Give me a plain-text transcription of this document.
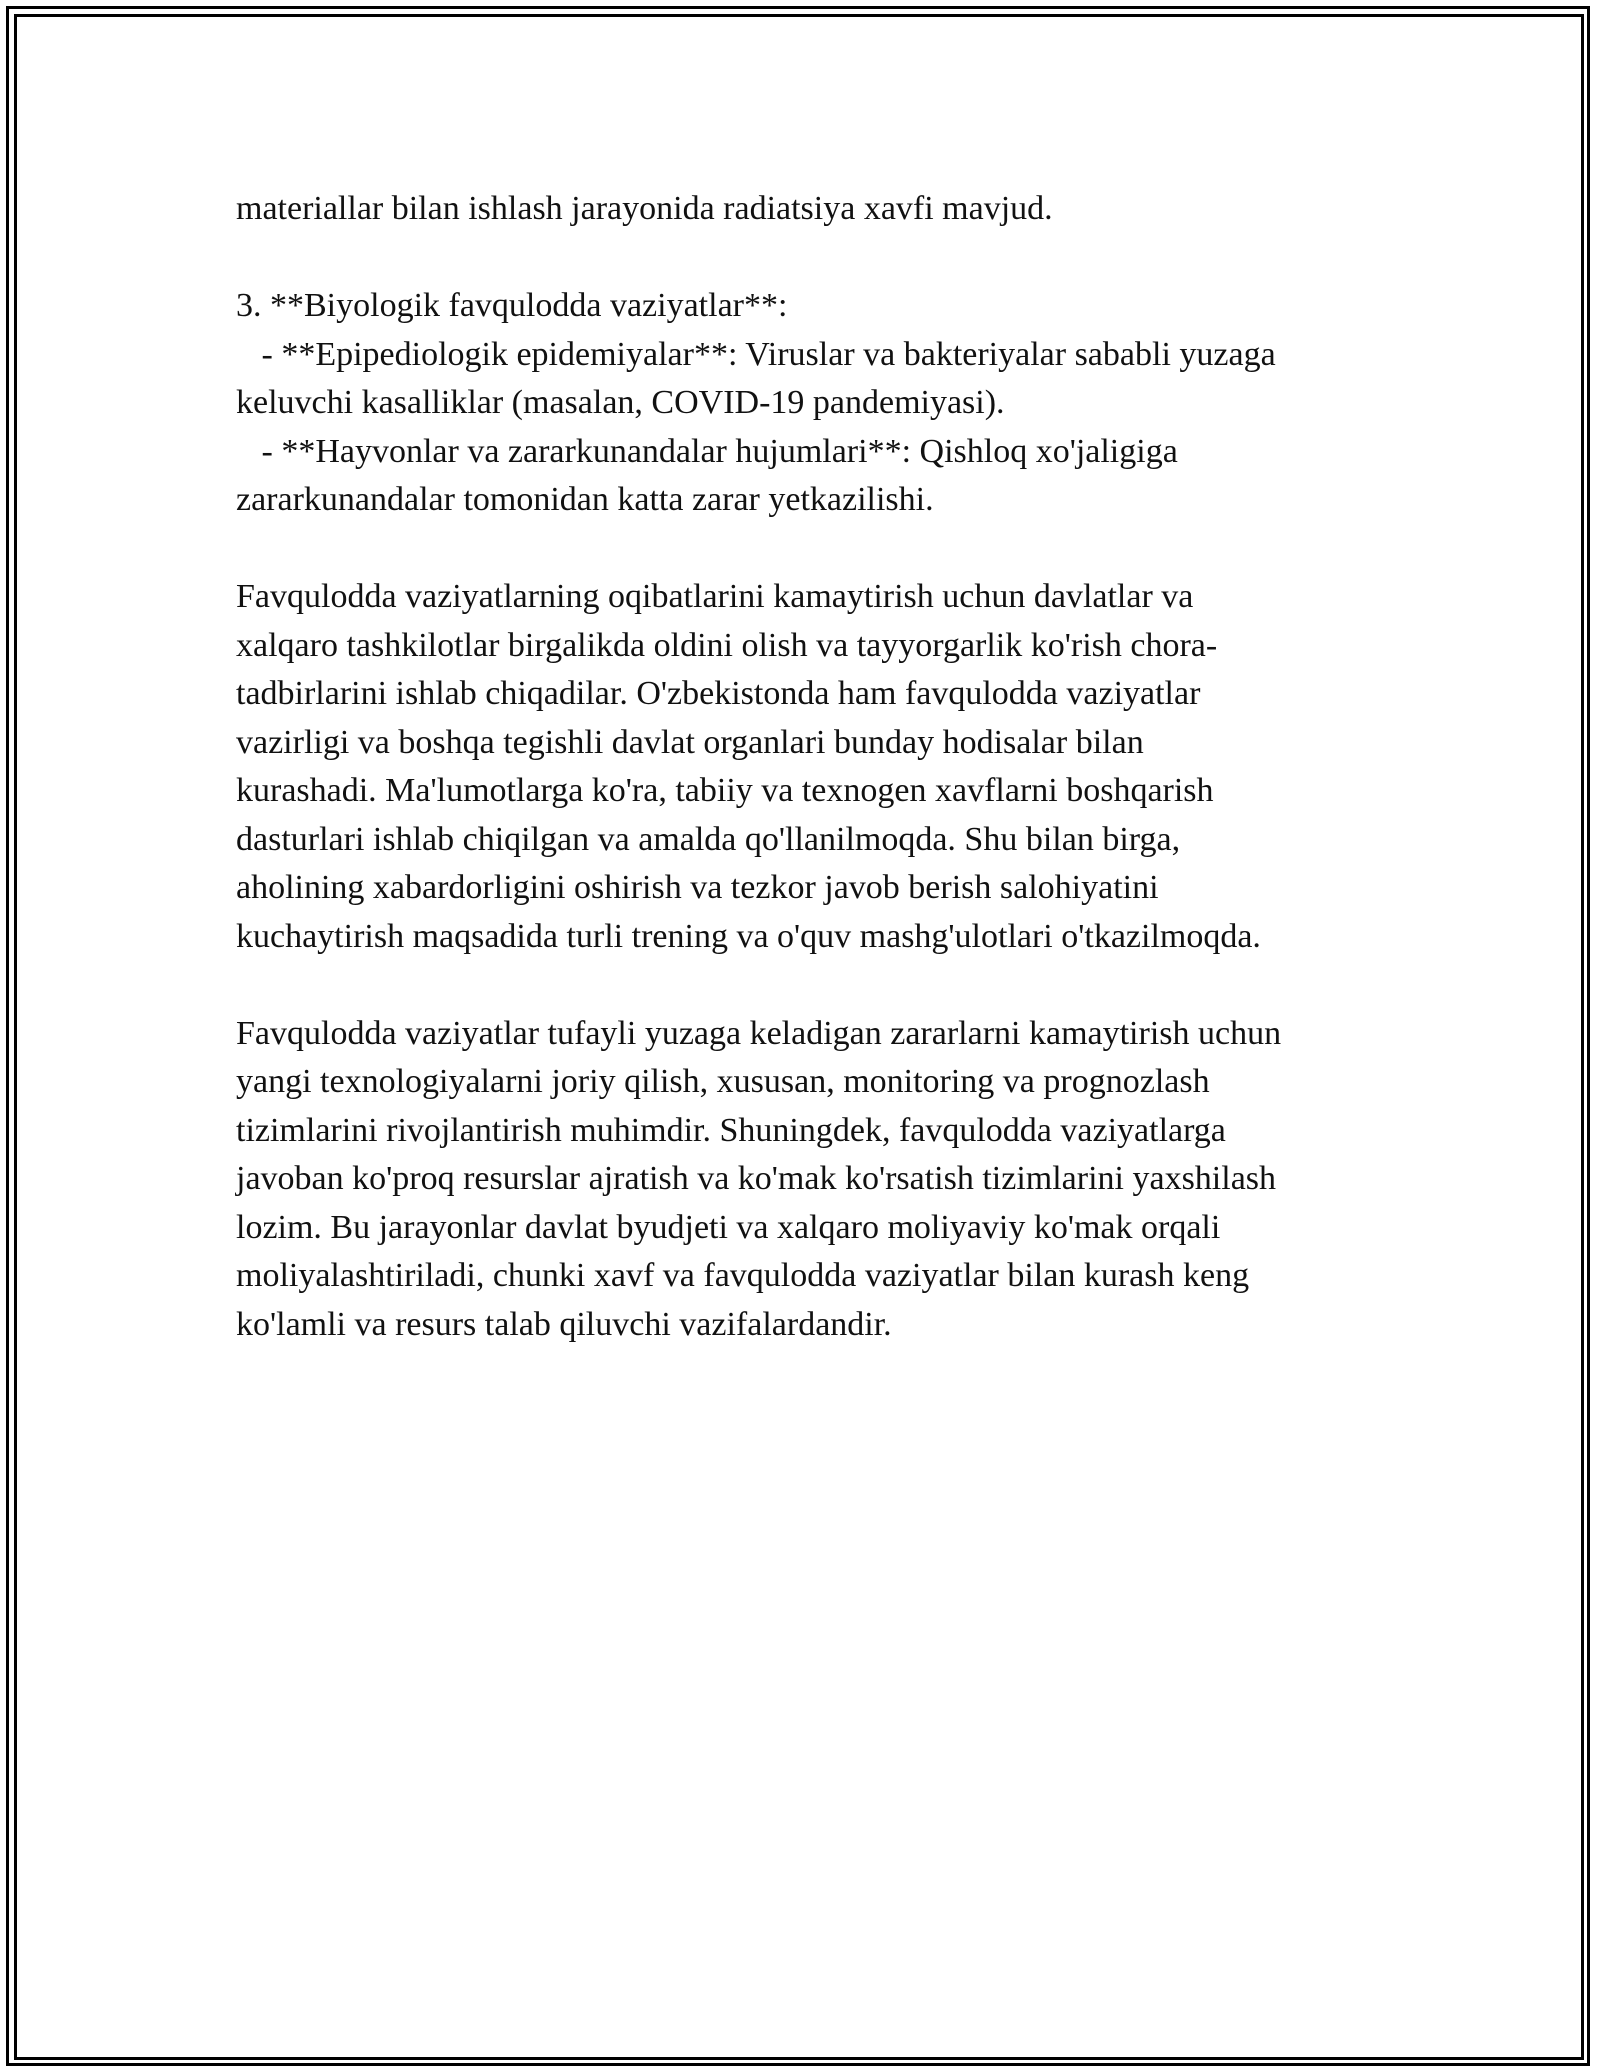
materiallar bilan ishlash jarayonida radiatsiya xavfi mavjud.

3. **Biyologik favqulodda vaziyatlar**:

- **Epipediologik epidemiyalar**: Viruslar va bakteriyalar sababli yuzaga

keluvchi kasalliklar (masalan, COVID-19 pandemiyasi).

- **Hayvonlar va zararkunandalar hujumlari**: Qishloq xo'jaligiga

zararkunandalar tomonidan katta zarar yetkazilishi.

Favqulodda vaziyatlarning oqibatlarini kamaytirish uchun davlatlar va

xalqaro tashkilotlar birgalikda oldini olish va tayyorgarlik ko'rish chora-

tadbirlarini ishlab chiqadilar. O'zbekistonda ham favqulodda vaziyatlar

vazirligi va boshqa tegishli davlat organlari bunday hodisalar bilan

kurashadi. Ma'lumotlarga ko'ra, tabiiy va texnogen xavflarni boshqarish

dasturlari ishlab chiqilgan va amalda qo'llanilmoqda. Shu bilan birga,

aholining xabardorligini oshirish va tezkor javob berish salohiyatini

kuchaytirish maqsadida turli trening va o'quv mashg'ulotlari o'tkazilmoqda.

Favqulodda vaziyatlar tufayli yuzaga keladigan zararlarni kamaytirish uchun

yangi texnologiyalarni joriy qilish, xususan, monitoring va prognozlash

tizimlarini rivojlantirish muhimdir. Shuningdek, favqulodda vaziyatlarga

javoban ko'proq resurslar ajratish va ko'mak ko'rsatish tizimlarini yaxshilash

lozim. Bu jarayonlar davlat byudjeti va xalqaro moliyaviy ko'mak orqali

moliyalashtiriladi, chunki xavf va favqulodda vaziyatlar bilan kurash keng

ko'lamli va resurs talab qiluvchi vazifalardandir.
